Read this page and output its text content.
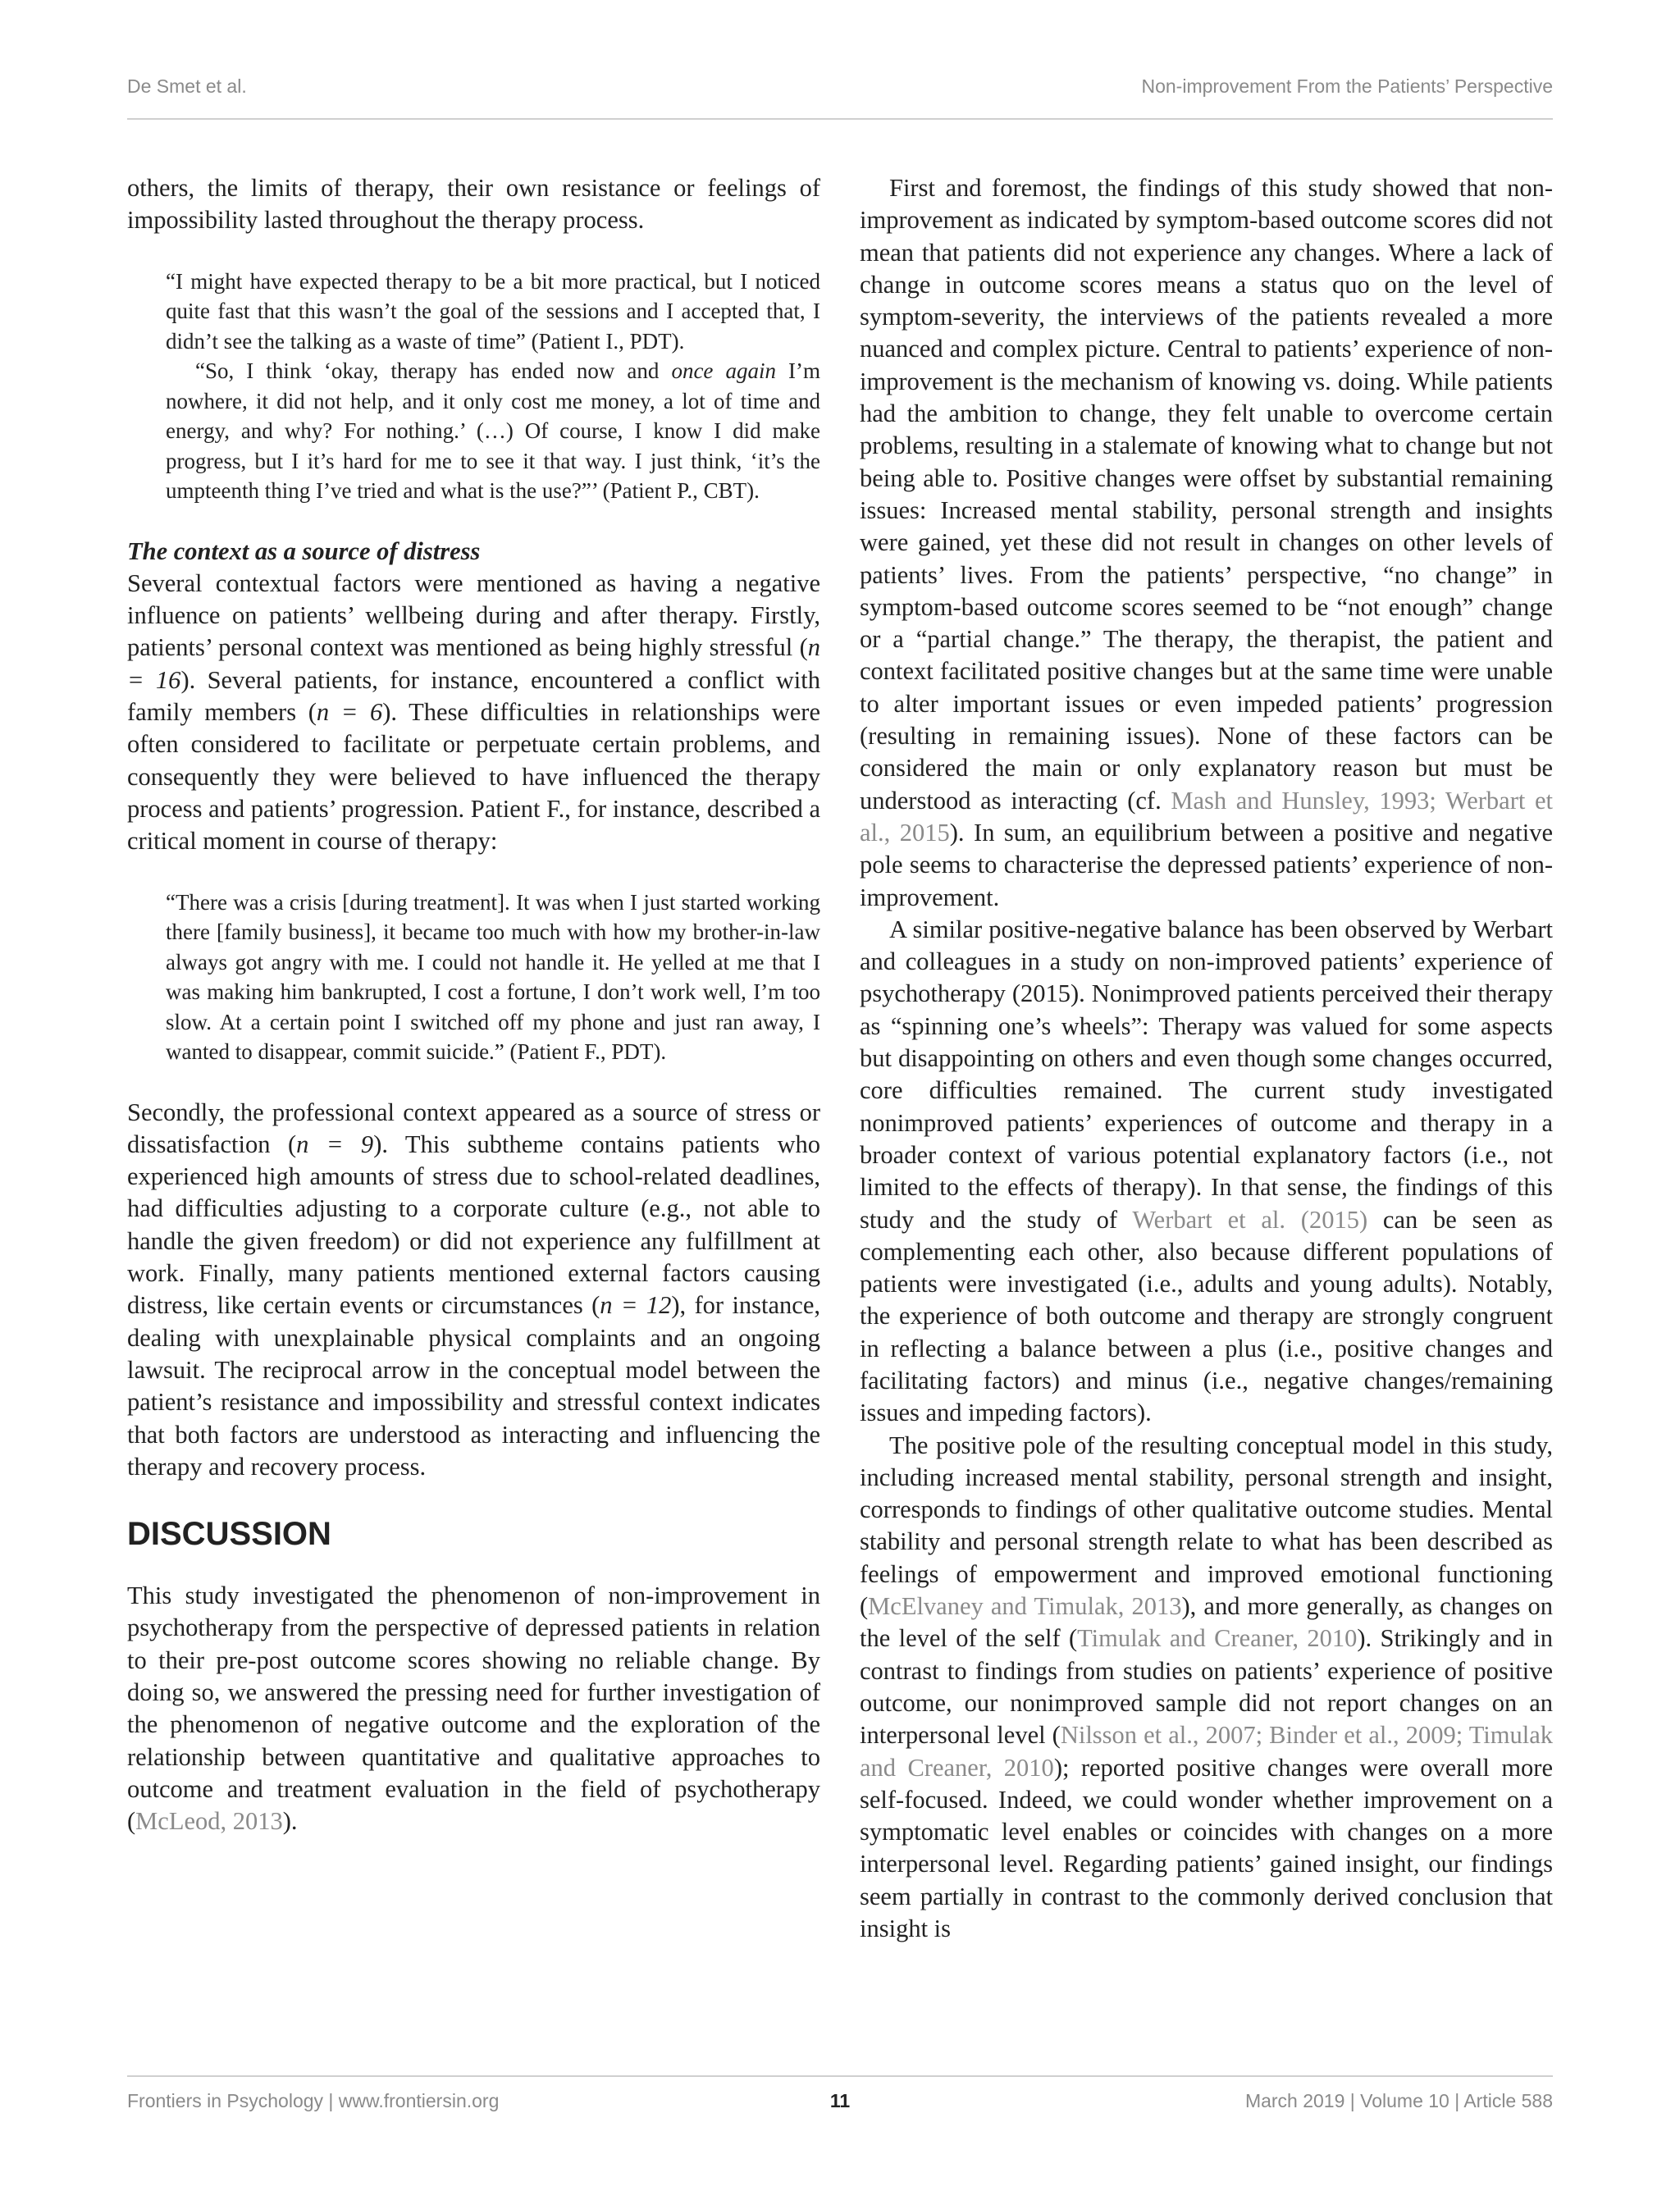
De Smet et al.	Non-improvement From the Patients’ Perspective

others, the limits of therapy, their own resistance or feelings of impossibility lasted throughout the therapy process.

“I might have expected therapy to be a bit more practical, but I noticed quite fast that this wasn’t the goal of the sessions and I accepted that, I didn’t see the talking as a waste of time” (Patient I., PDT).

“So, I think ‘okay, therapy has ended now and once again I’m nowhere, it did not help, and it only cost me money, a lot of time and energy, and why? For nothing.’ (…) Of course, I know I did make progress, but I it’s hard for me to see it that way. I just think, ‘it’s the umpteenth thing I’ve tried and what is the use?”’ (Patient P., CBT).

The context as a source of distress

Several contextual factors were mentioned as having a negative influence on patients’ wellbeing during and after therapy. Firstly, patients’ personal context was mentioned as being highly stressful (n = 16). Several patients, for instance, encountered a conflict with family members (n = 6). These difficulties in relationships were often considered to facilitate or perpetuate certain problems, and consequently they were believed to have influenced the therapy process and patients’ progression. Patient F., for instance, described a critical moment in course of therapy:

“There was a crisis [during treatment]. It was when I just started working there [family business], it became too much with how my brother-in-law always got angry with me. I could not handle it. He yelled at me that I was making him bankrupted, I cost a fortune, I don’t work well, I’m too slow. At a certain point I switched off my phone and just ran away, I wanted to disappear, commit suicide.” (Patient F., PDT).

Secondly, the professional context appeared as a source of stress or dissatisfaction (n = 9). This subtheme contains patients who experienced high amounts of stress due to school-related deadlines, had difficulties adjusting to a corporate culture (e.g., not able to handle the given freedom) or did not experience any fulfillment at work. Finally, many patients mentioned external factors causing distress, like certain events or circumstances (n = 12), for instance, dealing with unexplainable physical complaints and an ongoing lawsuit. The reciprocal arrow in the conceptual model between the patient’s resistance and impossibility and stressful context indicates that both factors are understood as interacting and influencing the therapy and recovery process.

DISCUSSION

This study investigated the phenomenon of non-improvement in psychotherapy from the perspective of depressed patients in relation to their pre-post outcome scores showing no reliable change. By doing so, we answered the pressing need for further investigation of the phenomenon of negative outcome and the exploration of the relationship between quantitative and qualitative approaches to outcome and treatment evaluation in the field of psychotherapy (McLeod, 2013).

First and foremost, the findings of this study showed that non-improvement as indicated by symptom-based outcome scores did not mean that patients did not experience any changes. Where a lack of change in outcome scores means a status quo on the level of symptom-severity, the interviews of the patients revealed a more nuanced and complex picture. Central to patients’ experience of non-improvement is the mechanism of knowing vs. doing. While patients had the ambition to change, they felt unable to overcome certain problems, resulting in a stalemate of knowing what to change but not being able to. Positive changes were offset by substantial remaining issues: Increased mental stability, personal strength and insights were gained, yet these did not result in changes on other levels of patients’ lives. From the patients’ perspective, “no change” in symptom-based outcome scores seemed to be “not enough” change or a “partial change.” The therapy, the therapist, the patient and context facilitated positive changes but at the same time were unable to alter important issues or even impeded patients’ progression (resulting in remaining issues). None of these factors can be considered the main or only explanatory reason but must be understood as interacting (cf. Mash and Hunsley, 1993; Werbart et al., 2015). In sum, an equilibrium between a positive and negative pole seems to characterise the depressed patients’ experience of non-improvement.

A similar positive-negative balance has been observed by Werbart and colleagues in a study on non-improved patients’ experience of psychotherapy (2015). Nonimproved patients perceived their therapy as “spinning one’s wheels”: Therapy was valued for some aspects but disappointing on others and even though some changes occurred, core difficulties remained. The current study investigated nonimproved patients’ experiences of outcome and therapy in a broader context of various potential explanatory factors (i.e., not limited to the effects of therapy). In that sense, the findings of this study and the study of Werbart et al. (2015) can be seen as complementing each other, also because different populations of patients were investigated (i.e., adults and young adults). Notably, the experience of both outcome and therapy are strongly congruent in reflecting a balance between a plus (i.e., positive changes and facilitating factors) and minus (i.e., negative changes/remaining issues and impeding factors).

The positive pole of the resulting conceptual model in this study, including increased mental stability, personal strength and insight, corresponds to findings of other qualitative outcome studies. Mental stability and personal strength relate to what has been described as feelings of empowerment and improved emotional functioning (McElvaney and Timulak, 2013), and more generally, as changes on the level of the self (Timulak and Creaner, 2010). Strikingly and in contrast to findings from studies on patients’ experience of positive outcome, our nonimproved sample did not report changes on an interpersonal level (Nilsson et al., 2007; Binder et al., 2009; Timulak and Creaner, 2010); reported positive changes were overall more self-focused. Indeed, we could wonder whether improvement on a symptomatic level enables or coincides with changes on a more interpersonal level. Regarding patients’ gained insight, our findings seem partially in contrast to the commonly derived conclusion that insight is

Frontiers in Psychology | www.frontiersin.org	11	March 2019 | Volume 10 | Article 588
